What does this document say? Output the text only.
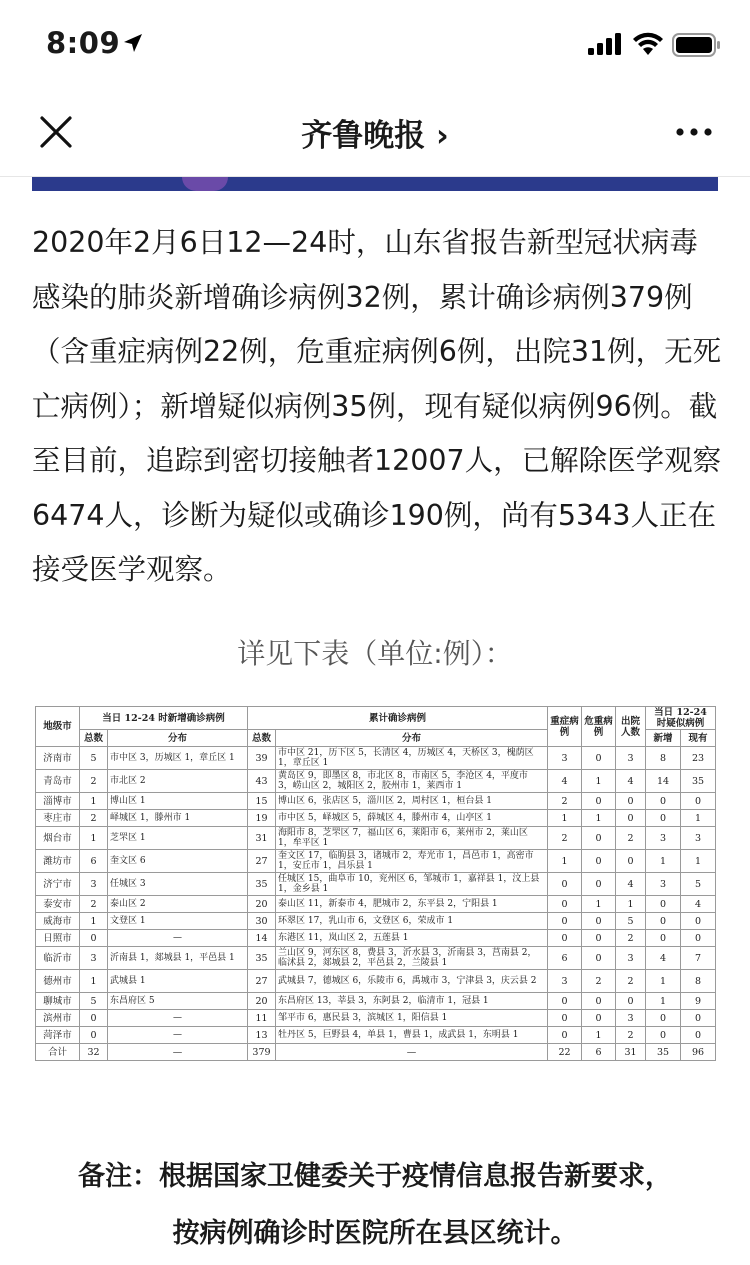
8:09
齐鲁晚报 ›

2020年2月6日12—24时，山东省报告新型冠状病毒感染的肺炎新增确诊病例32例，累计确诊病例379例（含重症病例22例，危重症病例6例，出院31例，无死亡病例）；新增疑似病例35例，现有疑似病例96例。截至目前，追踪到密切接触者12007人，已解除医学观察6474人，诊断为疑似或确诊190例，尚有5343人正在接受医学观察。

详见下表（单位:例）：
地级市	当日 12-24 时新增确诊病例		累计确诊病例		重症病例	危重病例	出院人数	当日 12-24 时疑似病例	
	总数	分布	总数	分布				新增	现有
济南市	5	市中区 3，历城区 1，章丘区 1	39	市中区 21，历下区 5，长清区 4，历城区 4，天桥区 3，槐荫区 1，章丘区 1	3	0	3	8	23
青岛市	2	市北区 2	43	黄岛区 9，即墨区 8，市北区 8，市南区 5，李沧区 4，平度市 3，崂山区 2，城阳区 2，胶州市 1，莱西市 1	4	1	4	14	35
淄博市	1	博山区 1	15	博山区 6，张店区 5，淄川区 2，周村区 1，桓台县 1	2	0	0	0	0
枣庄市	2	峄城区 1，滕州市 1	19	市中区 5，峄城区 5，薛城区 4，滕州市 4，山亭区 1	1	1	0	0	1
烟台市	1	芝罘区 1	31	海阳市 8，芝罘区 7，福山区 6，莱阳市 6，莱州市 2，莱山区 1，牟平区 1	2	0	2	3	3
潍坊市	6	奎文区 6	27	奎文区 17，临朐县 3，诸城市 2，寿光市 1，昌邑市 1，高密市 1，安丘市 1，昌乐县 1	1	0	0	1	1
济宁市	3	任城区 3	35	任城区 15，曲阜市 10，兖州区 6，邹城市 1，嘉祥县 1，汶上县 1，金乡县 1	0	0	4	3	5
泰安市	2	泰山区 2	20	泰山区 11，新泰市 4，肥城市 2，东平县 2，宁阳县 1	0	1	1	0	4
威海市	1	文登区 1	30	环翠区 17，乳山市 6，文登区 6，荣成市 1	0	0	5	0	0
日照市	0	—	14	东港区 11，岚山区 2，五莲县 1	0	0	2	0	0
临沂市	3	沂南县 1，郯城县 1，平邑县 1	35	兰山区 9，河东区 8，费县 3，沂水县 3，沂南县 3，莒南县 2，临沭县 2，郯城县 2，平邑县 2，兰陵县 1	6	0	3	4	7
德州市	1	武城县 1	27	武城县 7，德城区 6，乐陵市 6，禹城市 3，宁津县 3，庆云县 2	3	2	2	1	8
聊城市	5	东昌府区 5	20	东昌府区 13，莘县 3，东阿县 2，临清市 1，冠县 1	0	0	0	1	9
滨州市	0	—	11	邹平市 6，惠民县 3，滨城区 1，阳信县 1	0	0	3	0	0
菏泽市	0	—	13	牡丹区 5，巨野县 4，单县 1，曹县 1，成武县 1，东明县 1	0	1	2	0	0
合计	32	—	379	—	22	6	31	35	96
备注：根据国家卫健委关于疫情信息报告新要求，
按病例确诊时医院所在县区统计。
